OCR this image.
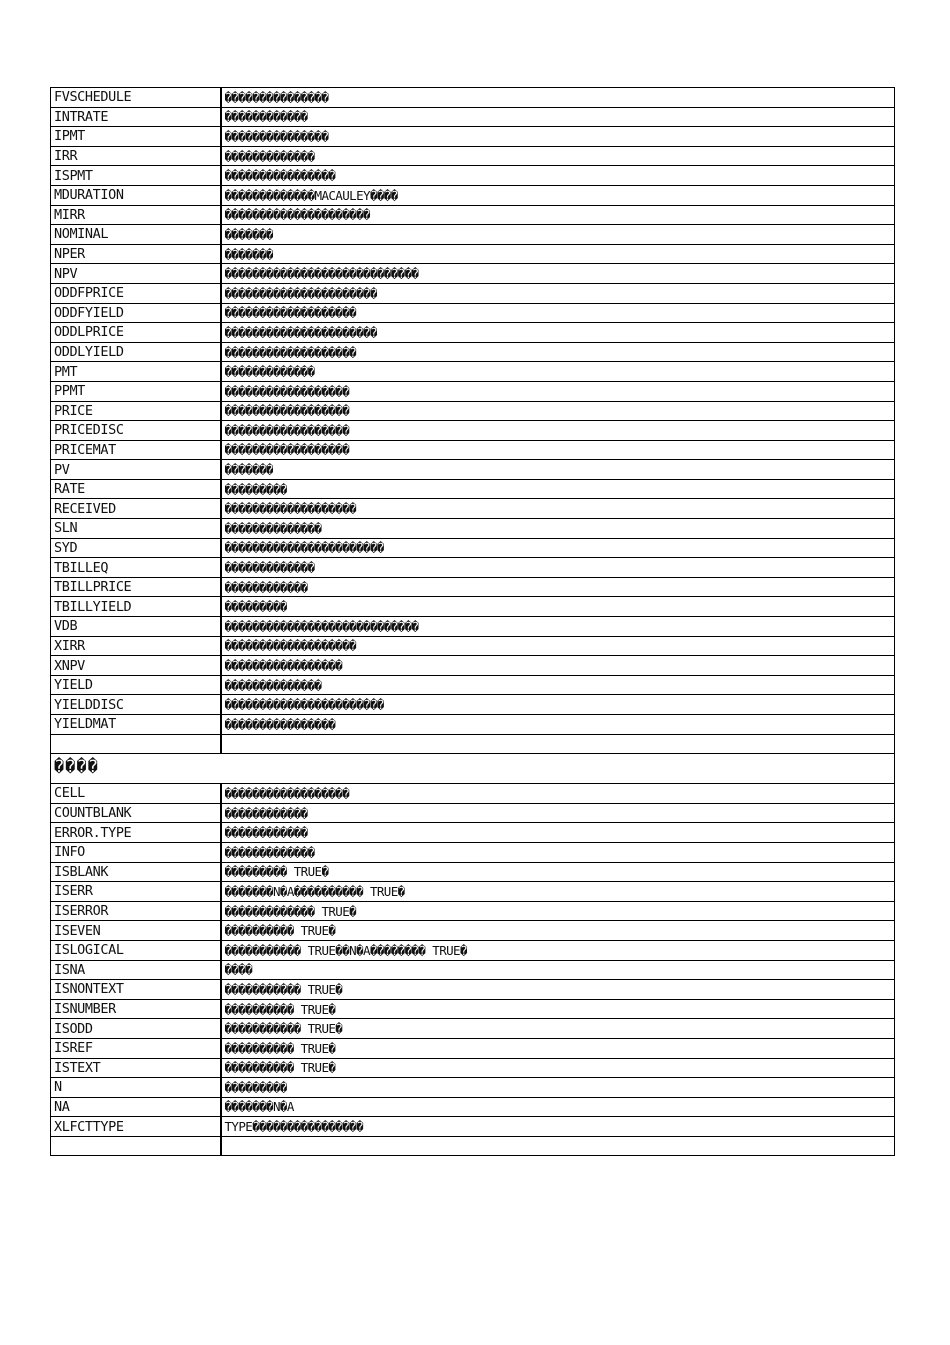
FVSCHEDULE	���������������
INTRATE	������������
IPMT	���������������
IRR	�������������
ISPMT	����������������
MDURATION	�������������MACAULEY����
MIRR	���������������������
NOMINAL	�������
NPER	�������
NPV	����������������������������
ODDFPRICE	����������������������
ODDFYIELD	�������������������
ODDLPRICE	����������������������
ODDLYIELD	�������������������
PMT	�������������
PPMT	������������������
PRICE	������������������
PRICEDISC	������������������
PRICEMAT	������������������
PV	�������
RATE	���������
RECEIVED	�������������������
SLN	��������������
SYD	�����������������������
TBILLEQ	�������������
TBILLPRICE	������������
TBILLYIELD	���������
VDB	����������������������������
XIRR	�������������������
XNPV	�����������������
YIELD	��������������
YIELDDISC	�����������������������
YIELDMAT	����������������

����	
CELL	������������������
COUNTBLANK	������������
ERROR.TYPE	������������
INFO	�������������
ISBLANK	��������� TRUE�
ISERR	�������N�A���������� TRUE�
ISERROR	������������� TRUE�
ISEVEN	���������� TRUE�
ISLOGICAL	����������� TRUE��N�A�������� TRUE�
ISNA	����
ISNONTEXT	����������� TRUE�
ISNUMBER	���������� TRUE�
ISODD	����������� TRUE�
ISREF	���������� TRUE�
ISTEXT	���������� TRUE�
N	���������
NA	�������N�A
XLFCTTYPE	TYPE����������������
